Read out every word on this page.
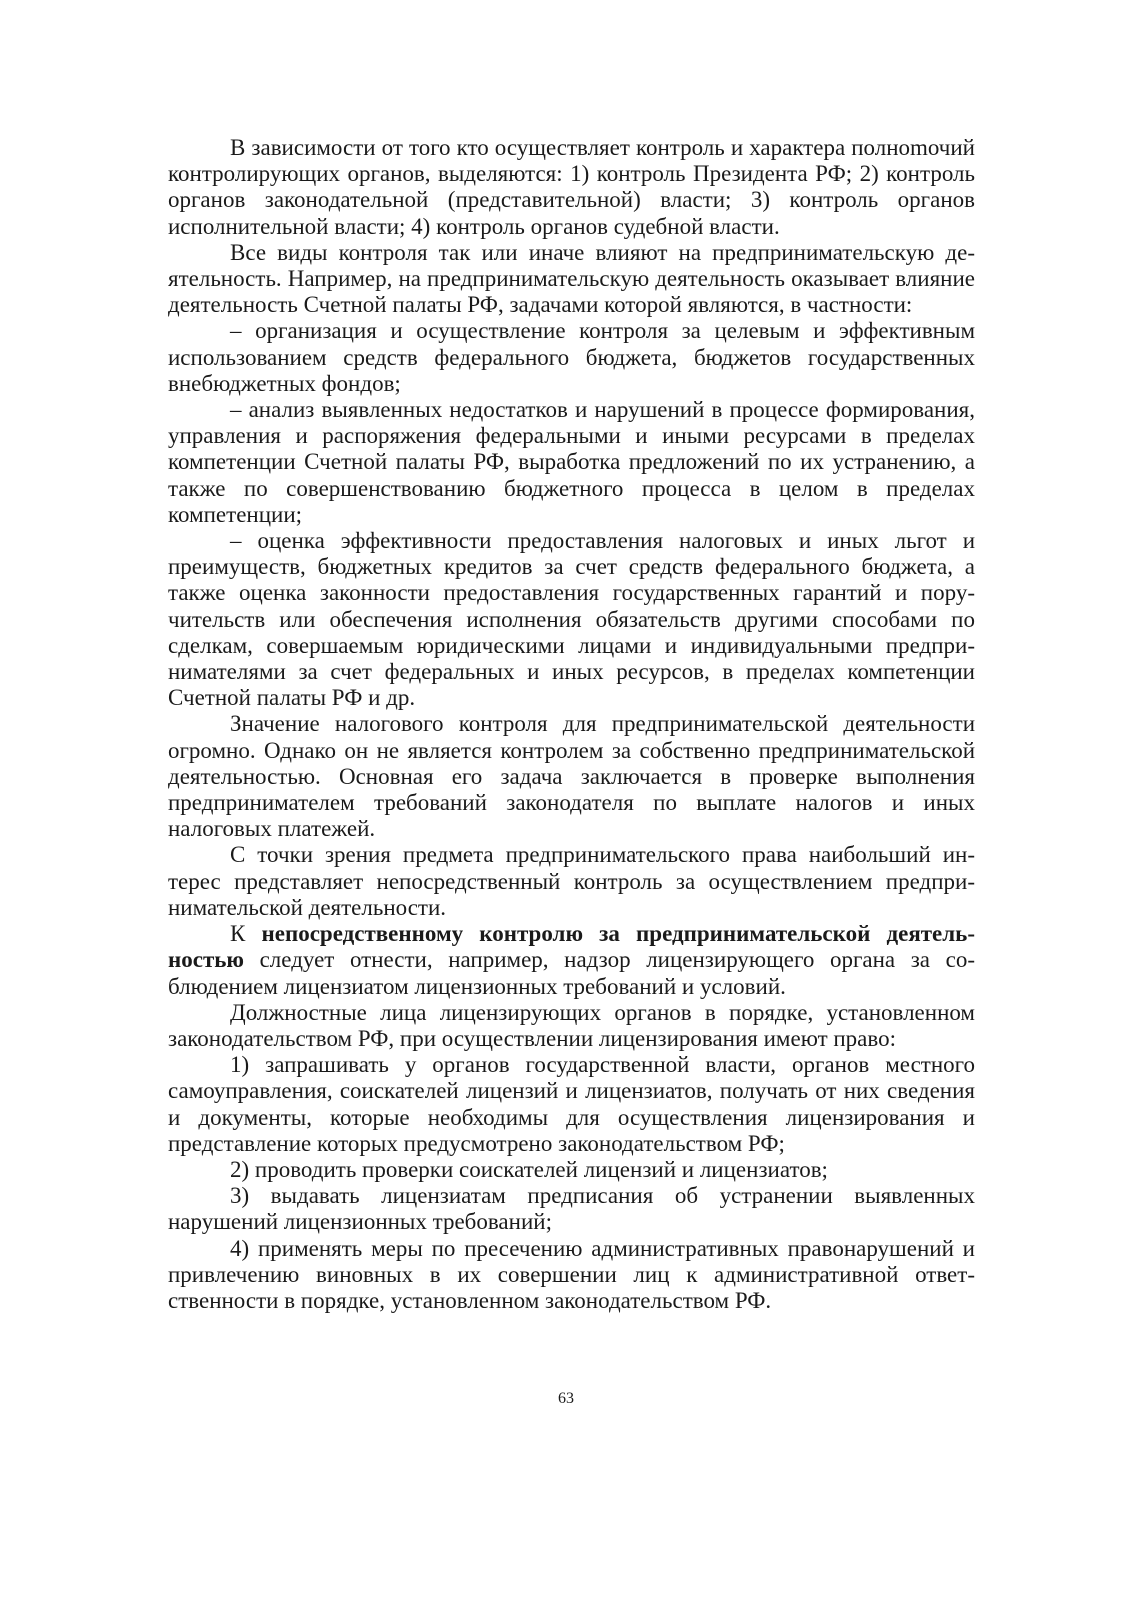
В зависимости от того кто осуществляет контроль и характера полноmочий контролирующих органов, выделяются: 1) контроль Президента РФ; 2) контроль органов законодательной (представительной) власти; 3) контроль органов исполнительной власти; 4) контроль органов судебной власти.

Все виды контроля так или иначе влияют на предпринимательскую деятельность. Например, на предпринимательскую деятельность оказывает влияние деятельность Счетной палаты РФ, задачами которой являются, в частности:

– организация и осуществление контроля за целевым и эффективным использованием средств федерального бюджета, бюджетов государственных внебюджетных фондов;

– анализ выявленных недостатков и нарушений в процессе формирования, управления и распоряжения федеральными и иными ресурсами в пределах компетенции Счетной палаты РФ, выработка предложений по их устранению, а также по совершенствованию бюджетного процесса в целом в пределах компетенции;

– оценка эффективности предоставления налоговых и иных льгот и преимуществ, бюджетных кредитов за счет средств федерального бюджета, а также оценка законности предоставления государственных гарантий и поручительств или обеспечения исполнения обязательств другими способами по сделкам, совершаемым юридическими лицами и индивидуальными предпринимателями за счет федеральных и иных ресурсов, в пределах компетенции Счетной палаты РФ и др.

Значение налогового контроля для предпринимательской деятельности огромно. Однако он не является контролем за собственно предпринимательской деятельностью. Основная его задача заключается в проверке выполнения предпринимателем требований законодателя по выплате налогов и иных налоговых платежей.

С точки зрения предмета предпринимательского права наибольший интерес представляет непосредственный контроль за осуществлением предпринимательской деятельности.

К непосредственному контролю за предпринимательской деятельностью следует отнести, например, надзор лицензирующего органа за соблюдением лицензиатом лицензионных требований и условий.

Должностные лица лицензирующих органов в порядке, установленном законодательством РФ, при осуществлении лицензирования имеют право:

1) запрашивать у органов государственной власти, органов местного самоуправления, соискателей лицензий и лицензиатов, получать от них сведения и документы, которые необходимы для осуществления лицензирования и представление которых предусмотрено законодательством РФ;

2) проводить проверки соискателей лицензий и лицензиатов;

3) выдавать лицензиатам предписания об устранении выявленных нарушений лицензионных требований;

4) применять меры по пресечению административных правонарушений и привлечению виновных в их совершении лиц к административной ответственности в порядке, установленном законодательством РФ.

63
